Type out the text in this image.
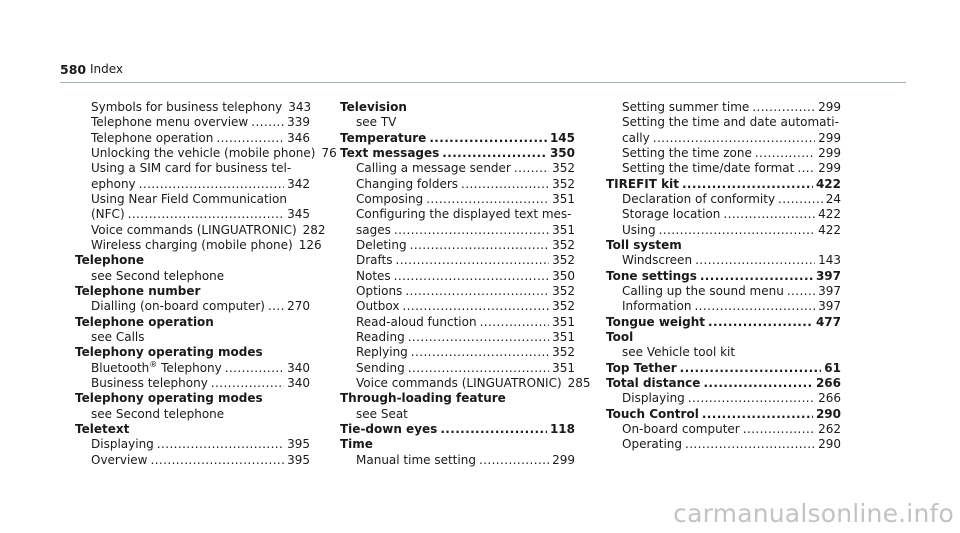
580 Index
Symbols for business telephony 343
Telephone menu overview .....	339
Telephone operation .....	346
Unlocking the vehicle (mobile phone) 76
Using a SIM card for business tel-
ephony .....	342
Using Near Field Communication
(NFC) .....	345
Voice commands (LINGUATRONIC) 282
Wireless charging (mobile phone) 126
Telephone
see Second telephone
Telephone number
Dialling (on-board computer) ..... 270
Telephone operation
see Calls
Telephony operating modes
Bluetooth® Telephony .....	340
Business telephony .....	340
Telephony operating modes
see Second telephone
Teletext
Displaying .....	395
Overview .....	395
Television
see TV
Temperature .....	145
Text messages .....	350
Calling a message sender .....	352
Changing folders .....	352
Composing .....	351
Configuring the displayed text mes-
sages .....	351
Deleting .....	352
Drafts .....	352
Notes .....	350
Options .....	352
Outbox .....	352
Read-aloud function .....	351
Reading .....	351
Replying .....	352
Sending .....	351
Voice commands (LINGUATRONIC) 285
Through-loading feature
see Seat
Tie-down eyes .....	118
Time
Manual time setting .....	299
Setting summer time .....	299
Setting the time and date automati-
cally .....	299
Setting the time zone .....	299
Setting the time/date format ..... 299
TIREFIT kit .....	422
Declaration of conformity .....	24
Storage location .....	422
Using .....	422
Toll system
Windscreen .....	143
Tone settings .....	397
Calling up the sound menu .....	397
Information .....	397
Tongue weight .....	477
Tool
see Vehicle tool kit
Top Tether .....	61
Total distance .....	266
Displaying .....	266
Touch Control .....	290
On-board computer .....	262
Operating .....	290
carmanualsonline.info
